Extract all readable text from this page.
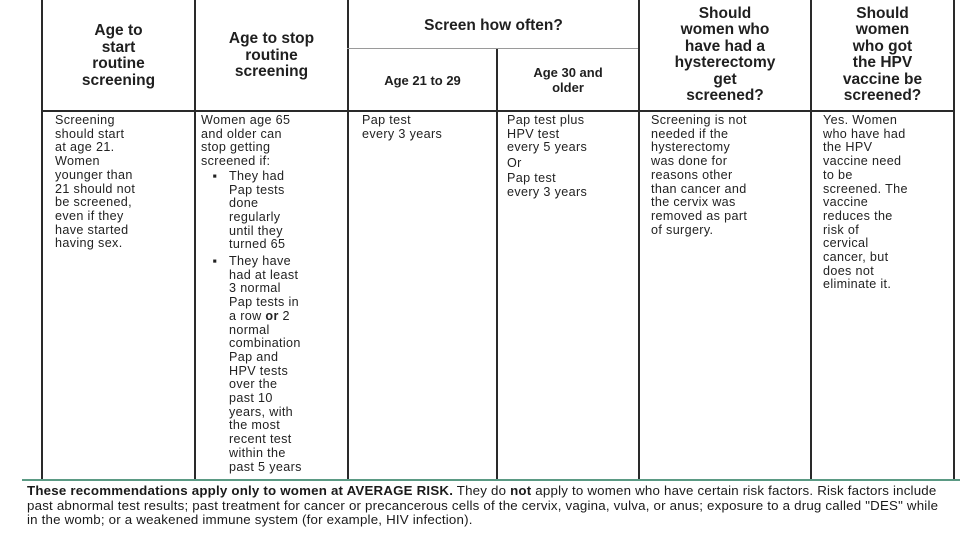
Age to
start
routine
screening
Age to stop
routine
screening
Screen how often?
Age 21 to 29	Age 30 and
older
Should
women who
have had a
hysterectomy
get
screened?
Should
women
who got
the HPV
vaccine be
screened?

Screening
should start
at age 21.
Women
younger than
21 should not
be screened,
even if they
have started
having sex.

Women age 65
and older can
stop getting
screened if:

▪ They had
Pap tests
done
regularly
until they
turned 65
▪ They have
had at least
3 normal
Pap tests in
a row or 2
normal
combination
Pap and
HPV tests
over the
past 10
years, with
the most
recent test
within the
past 5 years

Pap test
every 3 years

Pap test plus
HPV test
every 5 years

Or

Pap test
every 3 years

Screening is not
needed if the
hysterectomy
was done for
reasons other
than cancer and
the cervix was
removed as part
of surgery.

Yes. Women
who have had
the HPV
vaccine need
to be
screened. The
vaccine
reduces the
risk of
cervical
cancer, but
does not
eliminate it.

These recommendations apply only to women at AVERAGE RISK. They do not apply to women who have certain risk factors. Risk factors include past abnormal test results; past treatment for cancer or precancerous cells of the cervix, vagina, vulva, or anus; exposure to a drug called "DES" while in the womb; or a weakened immune system (for example, HIV infection).
